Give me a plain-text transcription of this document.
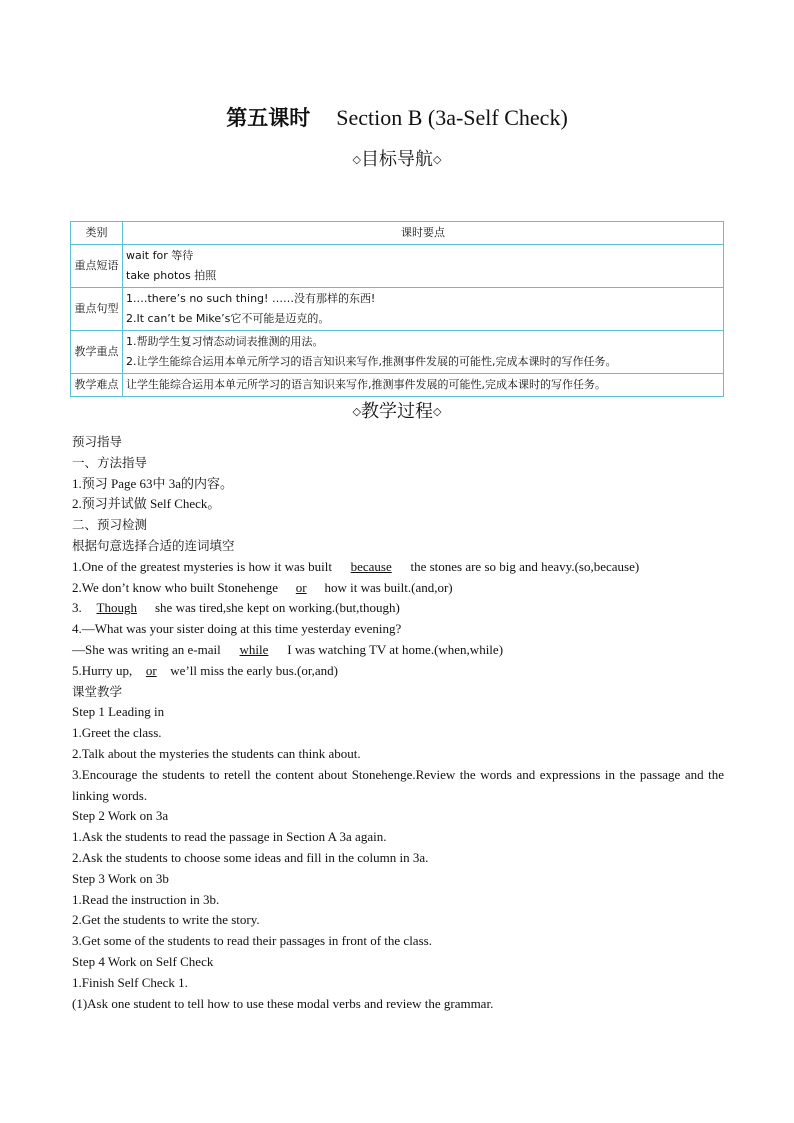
第五课时 Section B (3a-Self Check)
◇目标导航◇
类别	课时要点
重点短语	wait for 等待
take photos 拍照

重点句型	1.…there’s no such thing! ……没有那样的东西!
2.It can’t be Mike’s它不可能是迈克的。

教学重点	1.帮助学生复习情态动词表推测的用法。
2.让学生能综合运用本单元所学习的语言知识来写作,推测事件发展的可能性,完成本课时的写作任务。

教学难点	让学生能综合运用本单元所学习的语言知识来写作,推测事件发展的可能性,完成本课时的写作任务。
◇教学过程◇

预习指导

一、方法指导

1.预习 Page 63中 3a的内容。

2.预习并试做 Self Check。

二、预习检测

根据句意选择合适的连词填空

1.One of the greatest mysteries is how it was built because the stones are so big and heavy.(so,because)

2.We don’t know who built Stonehenge or how it was built.(and,or)

3. Though she was tired,she kept on working.(but,though)

4.—What was your sister doing at this time yesterday evening?

—She was writing an e-mail while I was watching TV at home.(when,while)

5.Hurry up, or we’ll miss the early bus.(or,and)

课堂教学

Step 1 Leading in

1.Greet the class.

2.Talk about the mysteries the students can think about.

3.Encourage the students to retell the content about Stonehenge.Review the words and expressions in the passage and the linking words.

Step 2 Work on 3a

1.Ask the students to read the passage in Section A 3a again.

2.Ask the students to choose some ideas and fill in the column in 3a.

Step 3 Work on 3b

1.Read the instruction in 3b.

2.Get the students to write the story.

3.Get some of the students to read their passages in front of the class.

Step 4 Work on Self Check

1.Finish Self Check 1.

(1)Ask one student to tell how to use these modal verbs and review the grammar.
